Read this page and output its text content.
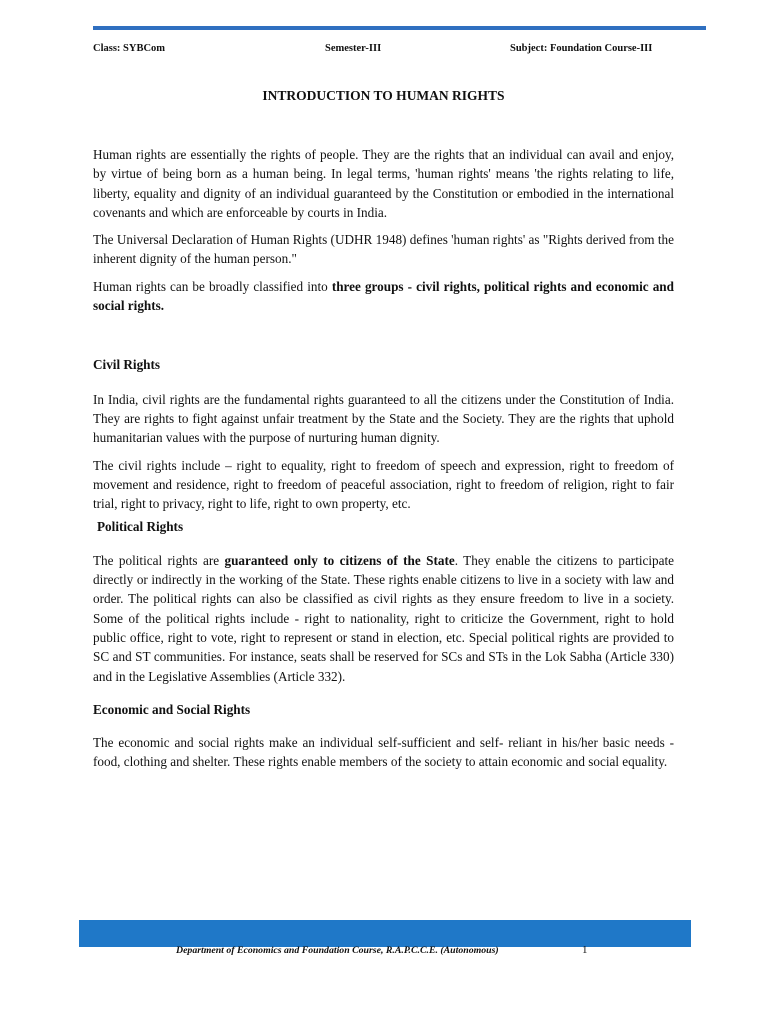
Class: SYBCom	Semester-III	Subject: Foundation Course-III
INTRODUCTION TO HUMAN RIGHTS

Human rights are essentially the rights of people. They are the rights that an individual can avail and enjoy, by virtue of being born as a human being. In legal terms, 'human rights' means 'the rights relating to life, liberty, equality and dignity of an individual guaranteed by the Constitution or embodied in the international covenants and which are enforceable by courts in India.

The Universal Declaration of Human Rights (UDHR 1948) defines 'human rights' as "Rights derived from the inherent dignity of the human person."

Human rights can be broadly classified into three groups - civil rights, political rights and economic and social rights.

Civil Rights

In India, civil rights are the fundamental rights guaranteed to all the citizens under the Constitution of India. They are rights to fight against unfair treatment by the State and the Society. They are the rights that uphold humanitarian values with the purpose of nurturing human dignity.

The civil rights include – right to equality, right to freedom of speech and expression, right to freedom of movement and residence, right to freedom of peaceful association, right to freedom of religion, right to fair trial, right to privacy, right to life, right to own property, etc.

Political Rights

The political rights are guaranteed only to citizens of the State. They enable the citizens to participate directly or indirectly in the working of the State. These rights enable citizens to live in a society with law and order. The political rights can also be classified as civil rights as they ensure freedom to live in a society. Some of the political rights include - right to nationality, right to criticize the Government, right to hold public office, right to vote, right to represent or stand in election, etc. Special political rights are provided to SC and ST communities. For instance, seats shall be reserved for SCs and STs in the Lok Sabha (Article 330) and in the Legislative Assemblies (Article 332).

Economic and Social Rights

The economic and social rights make an individual self-sufficient and self- reliant in his/her basic needs - food, clothing and shelter. These rights enable members of the society to attain economic and social equality.

Department of Economics and Foundation Course, R.A.P.C.C.E. (Autonomous)	1
